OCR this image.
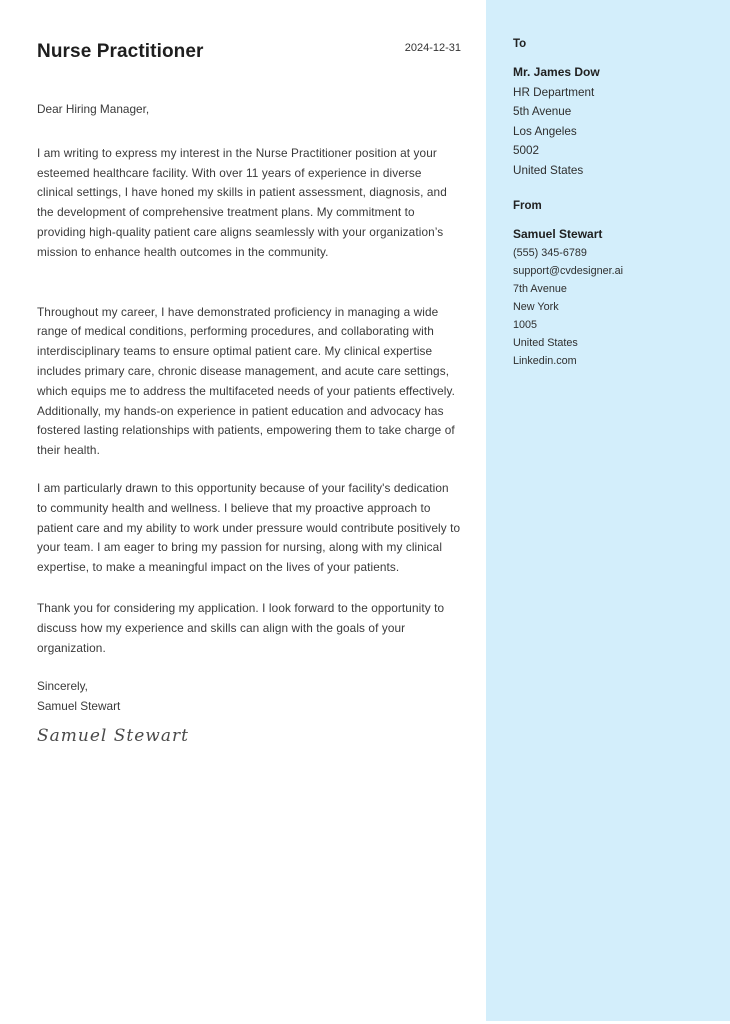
Nurse Practitioner	2024-12-31
Dear Hiring Manager,

I am writing to express my interest in the Nurse Practitioner position at your esteemed healthcare facility. With over 11 years of experience in diverse clinical settings, I have honed my skills in patient assessment, diagnosis, and the development of comprehensive treatment plans. My commitment to providing high-quality patient care aligns seamlessly with your organization’s mission to enhance health outcomes in the community.

Throughout my career, I have demonstrated proficiency in managing a wide range of medical conditions, performing procedures, and collaborating with interdisciplinary teams to ensure optimal patient care. My clinical expertise includes primary care, chronic disease management, and acute care settings, which equips me to address the multifaceted needs of your patients effectively. Additionally, my hands-on experience in patient education and advocacy has fostered lasting relationships with patients, empowering them to take charge of their health.

I am particularly drawn to this opportunity because of your facility's dedication to community health and wellness. I believe that my proactive approach to patient care and my ability to work under pressure would contribute positively to your team. I am eager to bring my passion for nursing, along with my clinical expertise, to make a meaningful impact on the lives of your patients.

Thank you for considering my application. I look forward to the opportunity to discuss how my experience and skills can align with the goals of your organization.

Sincerely,
Samuel Stewart
Samuel Stewart
To
Mr. James Dow
HR Department
5th Avenue
Los Angeles
5002
United States
From
Samuel Stewart
(555) 345-6789
support@cvdesigner.ai
7th Avenue
New York
1005
United States
Linkedin.com
